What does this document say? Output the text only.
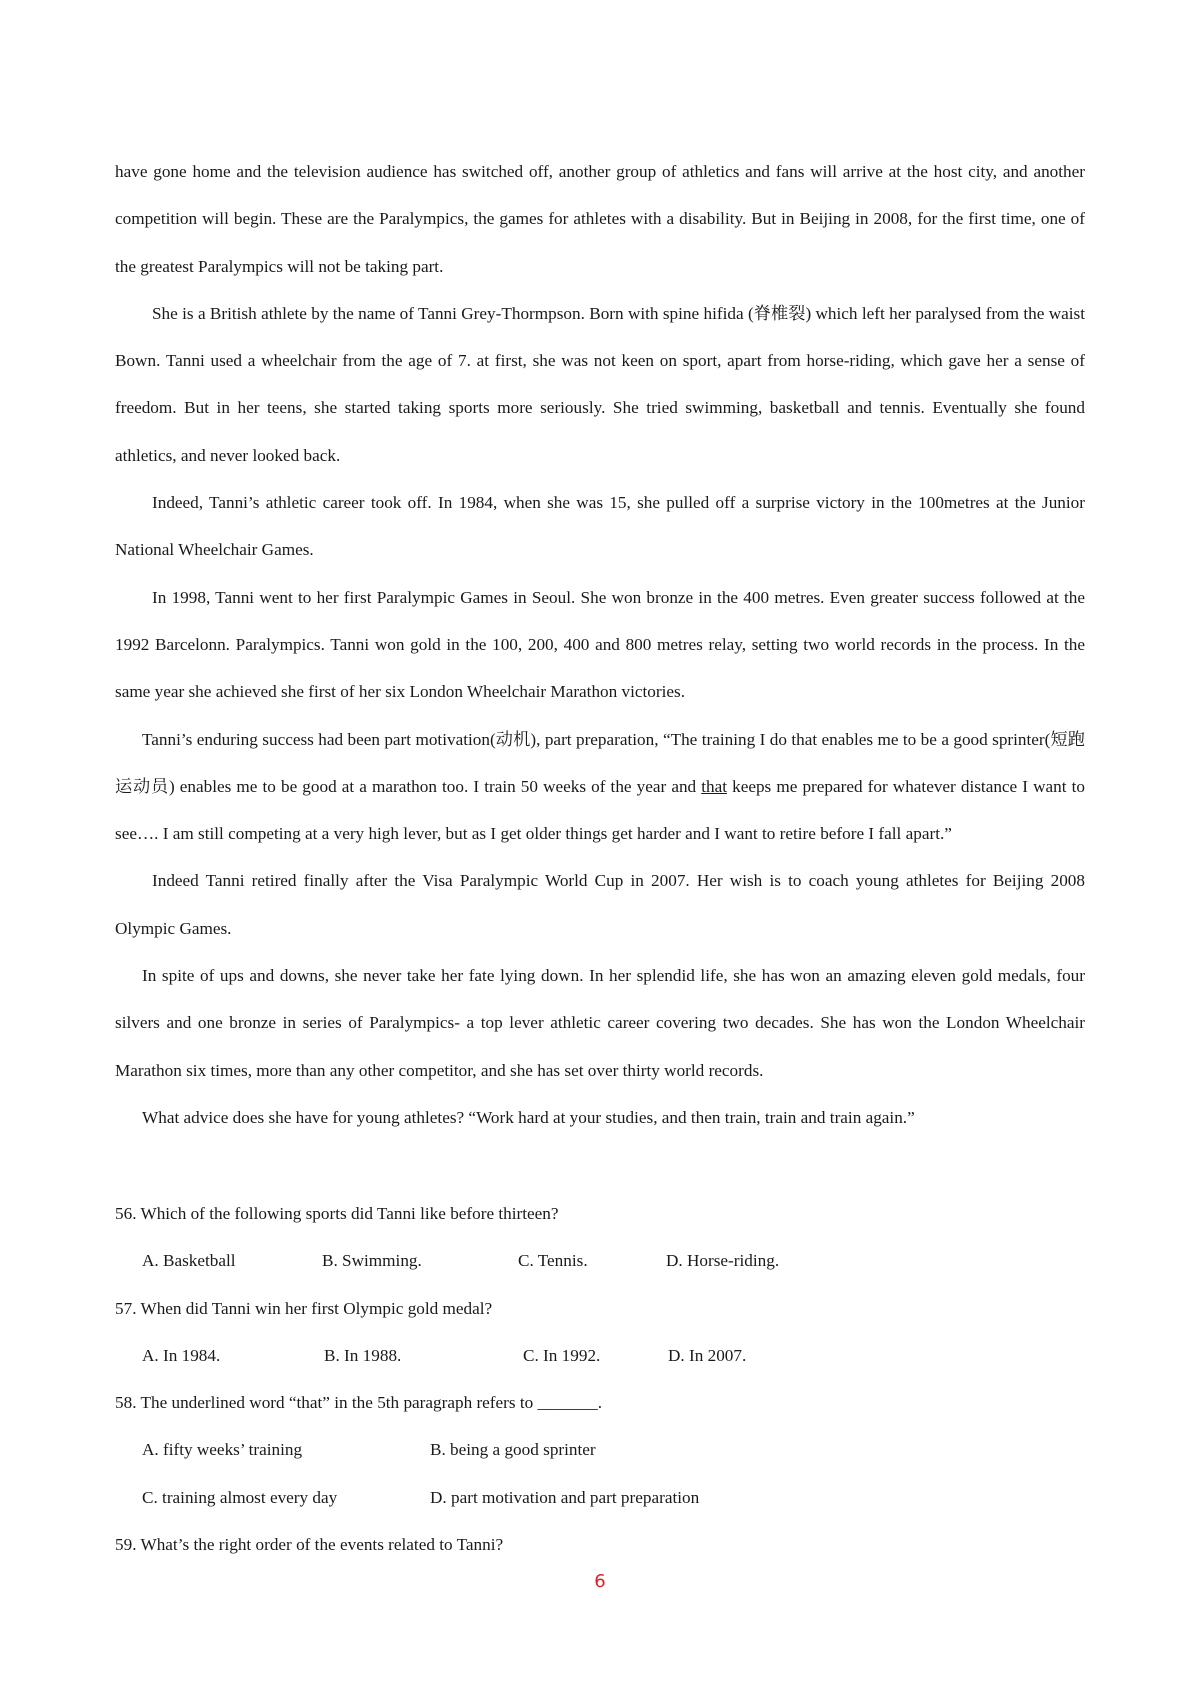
have gone home and the television audience has switched off, another group of athletics and fans will arrive at the host city, and another competition will begin. These are the Paralympics, the games for athletes with a disability. But in Beijing in 2008, for the first time, one of the greatest Paralympics will not be taking part.

She is a British athlete by the name of Tanni Grey-Thormpson. Born with spine hifida (脊椎裂) which left her paralysed from the waist Bown. Tanni used a wheelchair from the age of 7. at first, she was not keen on sport, apart from horse-riding, which gave her a sense of freedom. But in her teens, she started taking sports more seriously. She tried swimming, basketball and tennis. Eventually she found athletics, and never looked back.

Indeed, Tanni’s athletic career took off. In 1984, when she was 15, she pulled off a surprise victory in the 100metres at the Junior National Wheelchair Games.

In 1998, Tanni went to her first Paralympic Games in Seoul. She won bronze in the 400 metres. Even greater success followed at the 1992 Barcelonn. Paralympics. Tanni won gold in the 100, 200, 400 and 800 metres relay, setting two world records in the process. In the same year she achieved she first of her six London Wheelchair Marathon victories.

Tanni’s enduring success had been part motivation(动机), part preparation, “The training I do that enables me to be a good sprinter(短跑运动员) enables me to be good at a marathon too. I train 50 weeks of the year and that keeps me prepared for whatever distance I want to see…. I am still competing at a very high lever, but as I get older things get harder and I want to retire before I fall apart.”

Indeed Tanni retired finally after the Visa Paralympic World Cup in 2007. Her wish is to coach young athletes for Beijing 2008 Olympic Games.

In spite of ups and downs, she never take her fate lying down. In her splendid life, she has won an amazing eleven gold medals, four silvers and one bronze in series of Paralympics- a top lever athletic career covering two decades. She has won the London Wheelchair Marathon six times, more than any other competitor, and she has set over thirty world records.

What advice does she have for young athletes? “Work hard at your studies, and then train, train and train again.”

56. Which of the following sports did Tanni like before thirteen?

A. Basketball	B. Swimming.	C. Tennis.	D. Horse-riding.

57. When did Tanni win her first Olympic gold medal?

A. In 1984.	B. In 1988.	C. In 1992.	D. In 2007.

58. The underlined word “that” in the 5th paragraph refers to _______.

A. fifty weeks’ training	B. being a good sprinter
C. training almost every day	D. part motivation and part preparation

59. What’s the right order of the events related to Tanni?

6
